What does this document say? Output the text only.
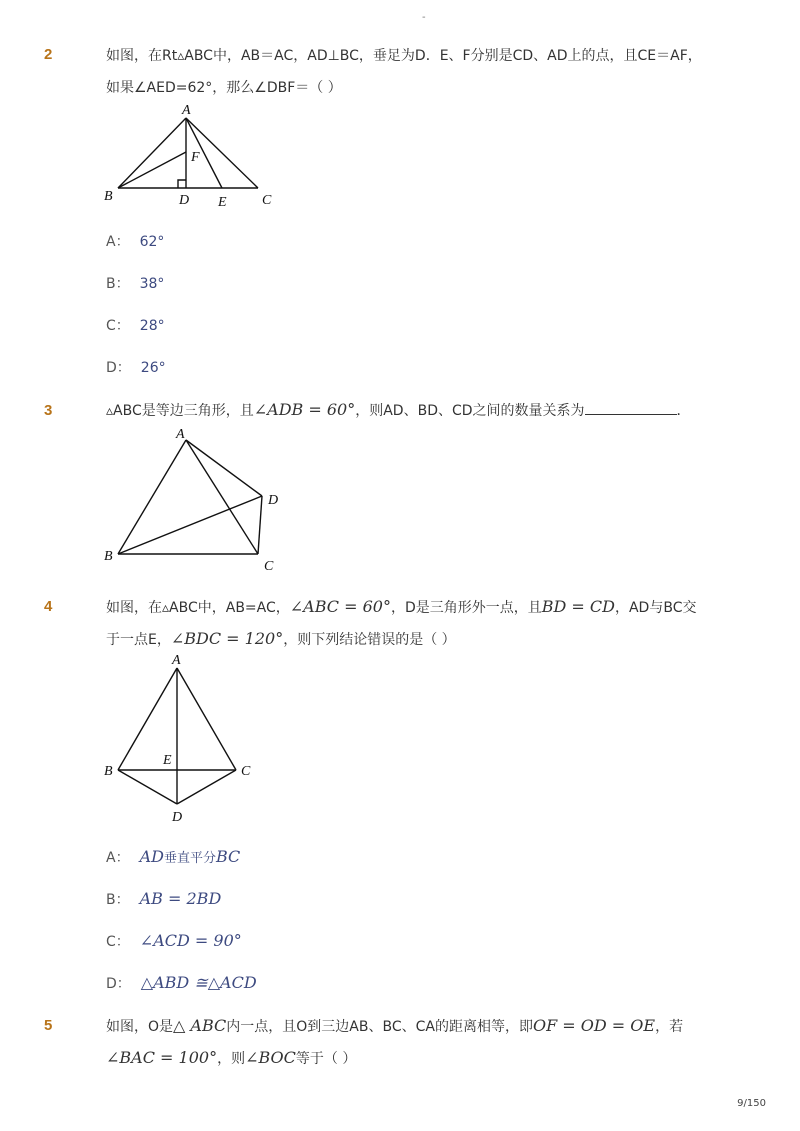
-
2	如图，在Rt▵ABC中，AB＝AC，AD⊥BC，垂足为D．E、F分别是CD、AD上的点，且CE＝AF，
如果∠AED=62°，那么∠DBF＝（ ）
A
B	C
D E
F
A： 62°
B： 38°
C： 28°
D： 26°
3	▵ABC是等边三角形，且∠ADB = 60°，则AD、BD、CD之间的数量关系为	．
A
B
C
D
4	如图，在▵ABC中，AB=AC，∠ABC = 60°，D是三角形外一点，且BD = CD，AD与BC交
于一点E，∠BDC = 120°，则下列结论错误的是（ ）
A
B	C
D
E
A： AD垂直平分BC
B： AB = 2BD
C： ∠ACD = 90°
D： △ABD ≅△ACD
5	如图，O是△ ABC内一点，且O到三边AB、BC、CA的距离相等，即OF = OD = OE，若
∠BAC = 100°，则∠BOC等于（ ）
9/150
